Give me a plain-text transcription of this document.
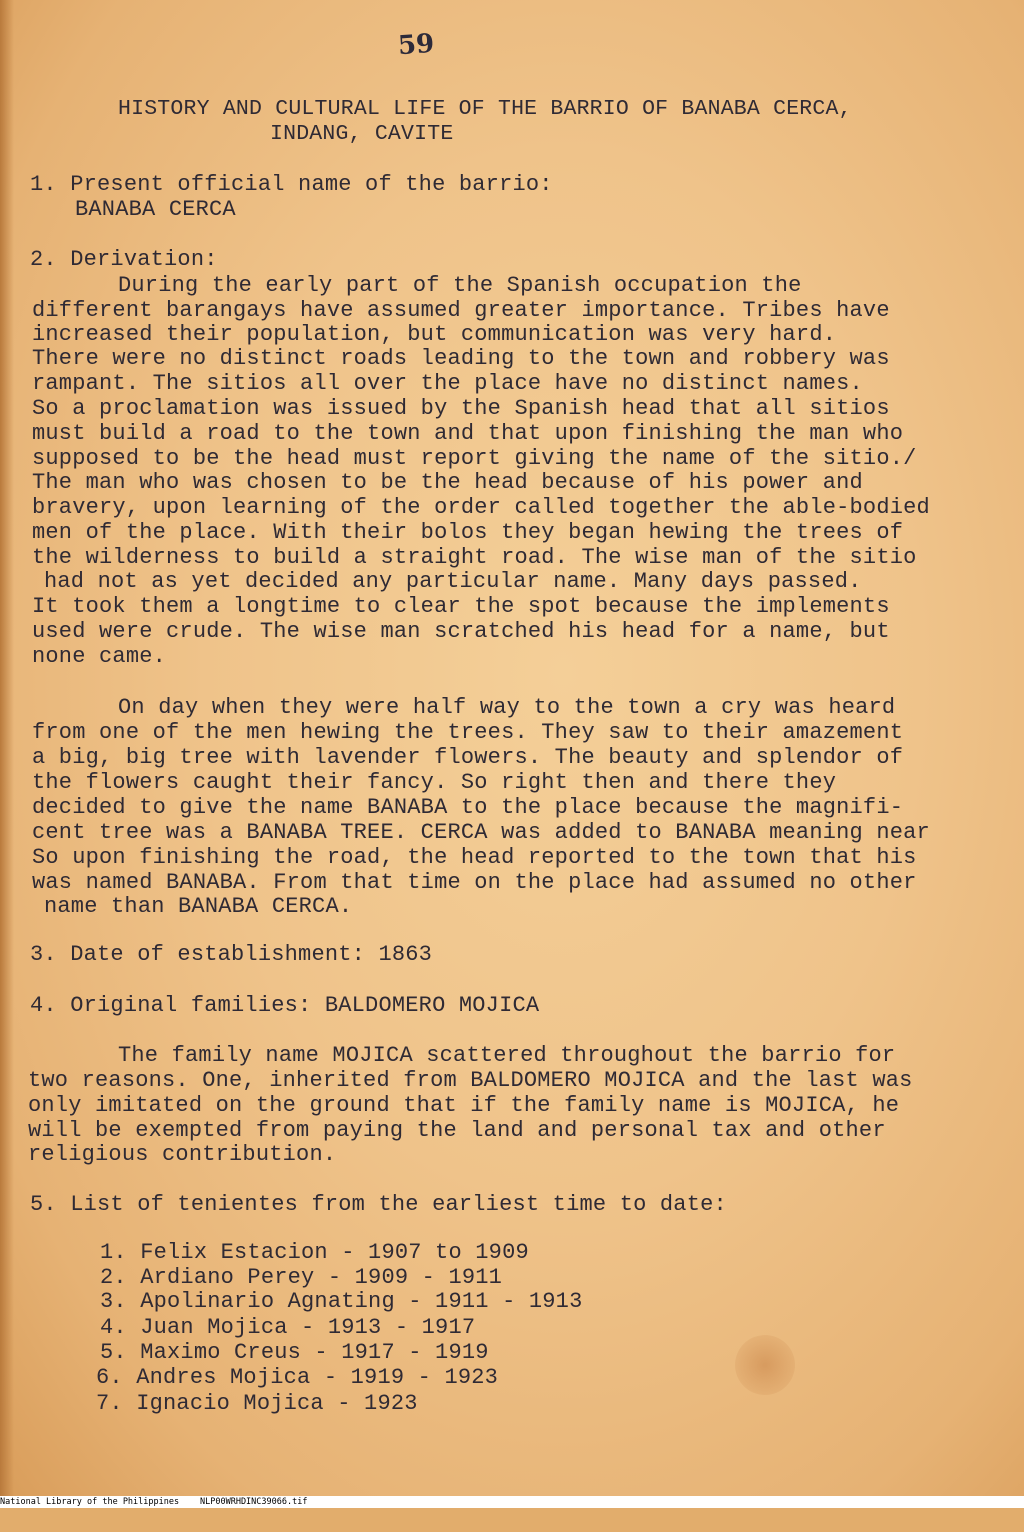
59
HISTORY AND CULTURAL LIFE OF THE BARRIO OF BANABA CERCA,
INDANG, CAVITE
1. Present official name of the barrio:
BANABA CERCA
2. Derivation:
During the early part of the Spanish occupation the
different barangays have assumed greater importance. Tribes have
increased their population, but communication was very hard.
There were no distinct roads leading to the town and robbery was
rampant. The sitios all over the place have no distinct names.
So a proclamation was issued by the Spanish head that all sitios
must build a road to the town and that upon finishing the man who
supposed to be the head must report giving the name of the sitio./
The man who was chosen to be the head because of his power and
bravery, upon learning of the order called together the able-bodied
men of the place. With their bolos they began hewing the trees of
the wilderness to build a straight road. The wise man of the sitio
had not as yet decided any particular name. Many days passed.
It took them a longtime to clear the spot because the implements
used were crude. The wise man scratched his head for a name, but
none came.
On day when they were half way to the town a cry was heard
from one of the men hewing the trees. They saw to their amazement
a big, big tree with lavender flowers. The beauty and splendor of
the flowers caught their fancy. So right then and there they
decided to give the name BANABA to the place because the magnifi-
cent tree was a BANABA TREE. CERCA was added to BANABA meaning near
So upon finishing the road, the head reported to the town that his
was named BANABA. From that time on the place had assumed no other
name than BANABA CERCA.
3. Date of establishment: 1863
4. Original families: BALDOMERO MOJICA
The family name MOJICA scattered throughout the barrio for
two reasons. One, inherited from BALDOMERO MOJICA and the last was
only imitated on the ground that if the family name is MOJICA, he
will be exempted from paying the land and personal tax and other
religious contribution.
5. List of tenientes from the earliest time to date:
1. Felix Estacion - 1907 to 1909
2. Ardiano Perey - 1909 - 1911
3. Apolinario Agnating - 1911 - 1913
4. Juan Mojica - 1913 - 1917
5. Maximo Creus - 1917 - 1919
6. Andres Mojica - 1919 - 1923
7. Ignacio Mojica - 1923

National Library of the Philippines

NLP00WRHDINC39066.tif
